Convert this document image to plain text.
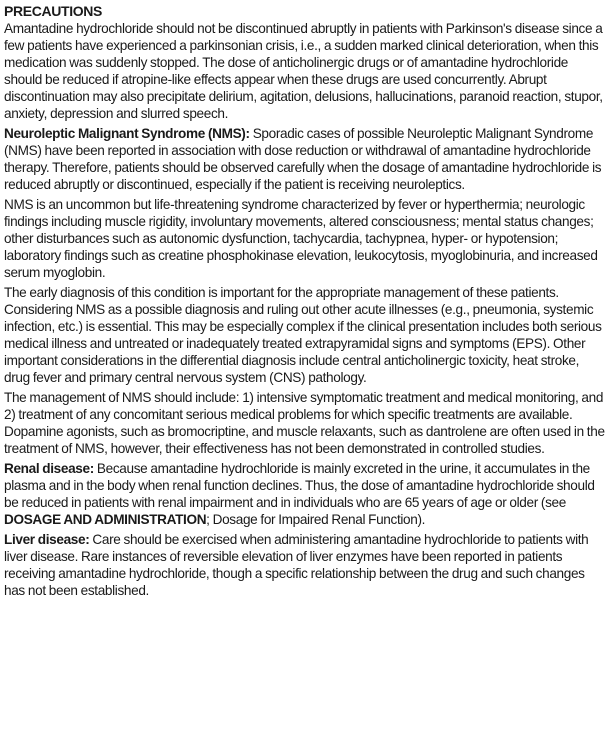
PRECAUTIONS

Amantadine hydrochloride should not be discontinued abruptly in patients with Parkinson's disease since a few patients have experienced a parkinsonian crisis, i.e., a sudden marked clinical deterioration, when this medication was suddenly stopped. The dose of anticholinergic drugs or of amantadine hydrochloride should be reduced if atropine-like effects appear when these drugs are used concurrently. Abrupt discontinuation may also precipitate delirium, agitation, delusions, hallucinations, paranoid reaction, stupor, anxiety, depression and slurred speech.

Neuroleptic Malignant Syndrome (NMS): Sporadic cases of possible Neuroleptic Malignant Syndrome (NMS) have been reported in association with dose reduction or withdrawal of amantadine hydrochloride therapy. Therefore, patients should be observed carefully when the dosage of amantadine hydrochloride is reduced abruptly or discontinued, especially if the patient is receiving neuroleptics.

NMS is an uncommon but life-threatening syndrome characterized by fever or hyperthermia; neurologic findings including muscle rigidity, involuntary movements, altered consciousness; mental status changes; other disturbances such as autonomic dysfunction, tachycardia, tachypnea, hyper- or hypotension; laboratory findings such as creatine phosphokinase elevation, leukocytosis, myoglobinuria, and increased serum myoglobin.

The early diagnosis of this condition is important for the appropriate management of these patients. Considering NMS as a possible diagnosis and ruling out other acute illnesses (e.g., pneumonia, systemic infection, etc.) is essential. This may be especially complex if the clinical presentation includes both serious medical illness and untreated or inadequately treated extrapyramidal signs and symptoms (EPS). Other important considerations in the differential diagnosis include central anticholinergic toxicity, heat stroke, drug fever and primary central nervous system (CNS) pathology.

The management of NMS should include: 1) intensive symptomatic treatment and medical monitoring, and 2) treatment of any concomitant serious medical problems for which specific treatments are available. Dopamine agonists, such as bromocriptine, and muscle relaxants, such as dantrolene are often used in the treatment of NMS, however, their effectiveness has not been demonstrated in controlled studies.

Renal disease: Because amantadine hydrochloride is mainly excreted in the urine, it accumulates in the plasma and in the body when renal function declines. Thus, the dose of amantadine hydrochloride should be reduced in patients with renal impairment and in individuals who are 65 years of age or older (see DOSAGE AND ADMINISTRATION; Dosage for Impaired Renal Function).

Liver disease: Care should be exercised when administering amantadine hydrochloride to patients with liver disease. Rare instances of reversible elevation of liver enzymes have been reported in patients receiving amantadine hydrochloride, though a specific relationship between the drug and such changes has not been established.
